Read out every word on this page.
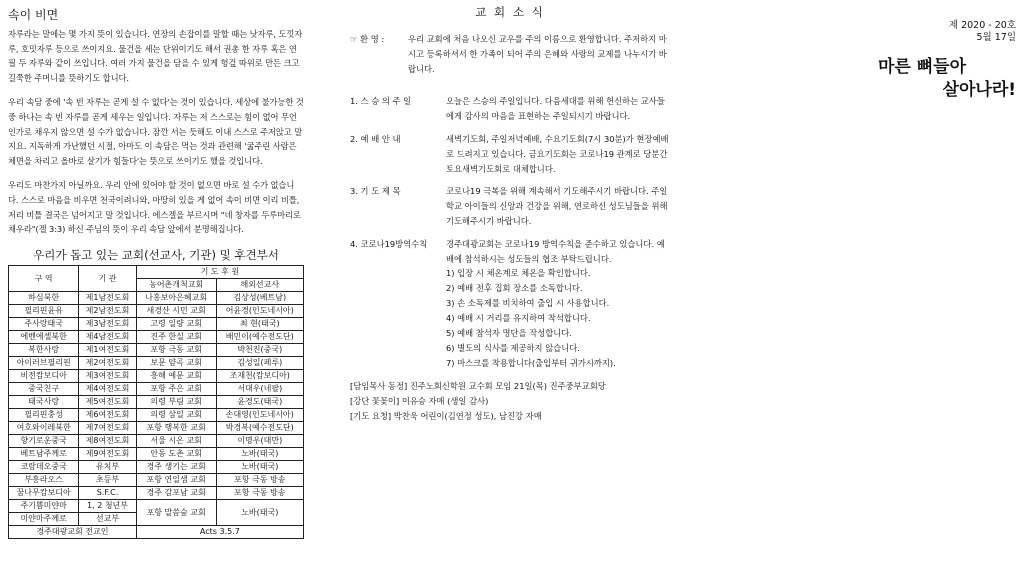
속이 비면

자루라는 말에는 몇 가지 뜻이 있습니다. 연장의 손잡이를 말할 때는 낫자루, 도낏자루, 호밋자루 등으로 쓰이지요. 물건을 세는 단위이기도 해서 권총 한 자루 혹은 연필 두 자루와 같이 쓰입니다. 여러 가지 물건을 담을 수 있게 헝겊 따위로 만든 크고 길쭉한 주머니를 뜻하기도 합니다.

우리 속담 중에 '속 빈 자루는 곧게 설 수 없다'는 것이 있습니다. 세상에 불가능한 것 중 하나는 속 빈 자루를 곧게 세우는 일입니다. 자루는 저 스스로는 힘이 없어 무언인가로 채우지 않으면 설 수가 없습니다. 잠깐 서는 듯해도 이내 스스로 주저앉고 말지요. 지독하게 가난했던 시절, 아마도 이 속담은 먹는 것과 관련해 '굶주린 사람은 체면을 차리고 올바로 살기가 힘들다'는 뜻으로 쓰이기도 했을 것입니다.

우리도 마찬가지 아닐까요. 우리 안에 있어야 할 것이 없으면 바로 설 수가 없습니다. 스스로 마음을 비우면 천국이려니와, 마땅히 있을 게 없어 속이 비면 이리 비틀, 저리 비틀 결국은 넘어지고 말 것입니다. 에스겔을 부르시며 "네 창자를 두루마리로 채우라"(겔 3:3) 하신 주님의 뜻이 우리 속담 앞에서 분명해집니다.

우리가 돕고 있는 교회(선교사, 기관) 및 후견부서
구 역	기 관	기 도 후 원	
		농어촌개척교회	해외선교사
하심북한	제1남전도회	나홍보아은혜교회	김상성(베트남)
필리핀윤유	제2남전도회	새경산 시민 교회	어윤경(인도네시아)
주사랑태국	제3남전도회	고령 일량 교회	최 현(태국)
에벤에셀북한	제4남전도회	진주 한실 교회	배민이(예수전도단)
복한사랑	제1여전도회	포항 극동 교회	박천진(중국)
아이러브필리핀	제2여전도회	보문 얌곡 교회	김성일(페루)
비전캄보디아	제3여전도회	흥해 예문 교회	조재천(캄보디아)
중국친구	제4여전도회	포항 주은 교회	서대우(네팔)
태국사랑	제5여전도회	의령 부림 교회	윤경도(태국)
필리핀충성	제6여전도회	의령 삼일 교회	손대영(인도네시아)
여호와이레북한	제7여전도회	포항 행복한 교회	박경복(예수전도단)
향기로운중국	제8여전도회	서울 시온 교회	이명우(대만)
베트남주께로	제9여전도회	안동 도촌 교회	노바(태국)
코람데오중국	유치부	경주 생기는 교회	노바(태국)
부흥라오스	초등부	포항 연일샘 교회	포항 극동 방송
꿈나무캄보디아	S.F.C.	경주 감포남 교회	포항 극동 방송
주기쁨미얀마	1, 2 청년부	포항 말씀숲 교회	노바(태국)
미얀마주께로	선교부		
경주대광교회 전교인		Acts 3.5.7	
교 회 소 식
☞ 환 영 :	우리 교회에 처음 나오신 교우를 주의 이름으로 환영합니다. 주저하지 마시고 등록하셔서 한 가족이 되어 주의 은혜와 사랑의 교제를 나누시기 바랍니다.
1. 스 승 의 주 일	오늘은 스승의 주일입니다. 다음세대를 위해 헌신하는 교사들에게 감사의 마음을 표현하는 주일되시기 바랍니다.
2. 예 배 안 내	새벽기도회, 주일저녁예배, 수요기도회(7시 30분)가 현장예배로 드려지고 있습니다. 금요기도회는 코로나19 관계로 당분간 토요새벽기도회로 대체합니다.
3. 기 도 제 목	코로나19 극복을 위해 계속해서 기도해주시기 바랍니다. 주일학교 아이들의 신앙과 건강을 위해, 연로하신 성도님들을 위해 기도해주시기 바랍니다.
4. 코로나19방역수칙	경주대광교회는 코로나19 방역수칙을 준수하고 있습니다. 예배에 참석하시는 성도들의 협조 부탁드립니다.
1) 입장 시 체온계로 체온을 확인합니다.
2) 예배 전후 집회 장소를 소독합니다.
3) 손 소독제를 비치하여 출입 시 사용합니다.
4) 예배 시 거리를 유지하여 착석합니다.
5) 예배 참석자 명단을 작성합니다.
6) 별도의 식사를 제공하지 않습니다.
7) 마스크를 착용합니다(출입부터 귀가시까지).
[담임목사 동정] 진주노회신학원 교수회 모임 21일(목) 진주중부교회당
[강단 꽃꽂이] 이유승 자매 (생일 감사)
[기도 요청] 박찬욱 어린이(김연정 성도), 남진강 자매
제 2020 - 20호
5월 17일
마른 뼈들아
살아나라!
